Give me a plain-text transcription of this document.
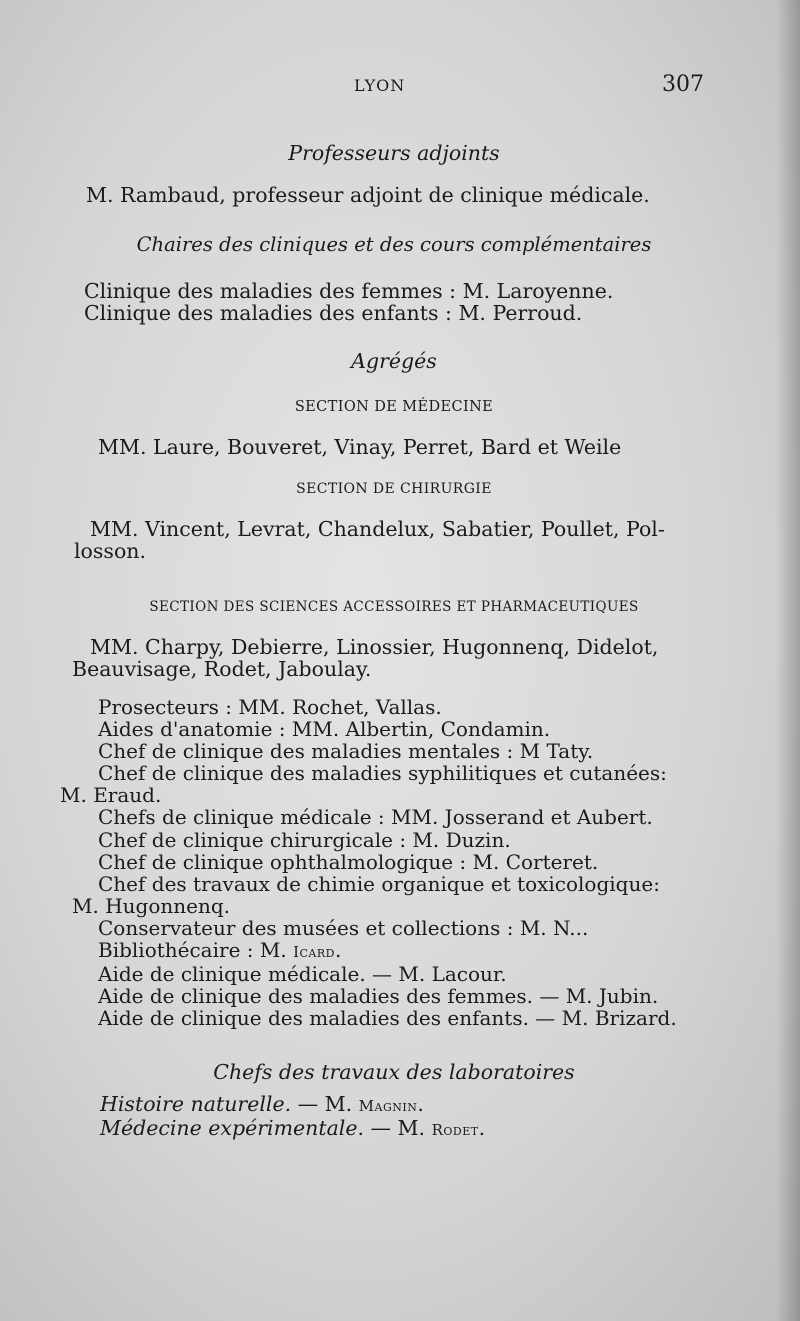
LYON	307

Professeurs adjoints

M. Rambaud, professeur adjoint de clinique médicale.

Chaires des cliniques et des cours complémentaires

Clinique des maladies des femmes : M. Laroyenne.
Clinique des maladies des enfants : M. Perroud.

Agrégés

SECTION DE MÉDECINE

MM. Laure, Bouveret, Vinay, Perret, Bard et Weile

SECTION DE CHIRURGIE

MM. Vincent, Levrat, Chandelux, Sabatier, Poullet, Pol-
losson.

SECTION DES SCIENCES ACCESSOIRES ET PHARMACEUTIQUES

MM. Charpy, Debierre, Linossier, Hugonnenq, Didelot,
Beauvisage, Rodet, Jaboulay.
Prosecteurs : MM. Rochet, Vallas.
Aides d'anatomie : MM. Albertin, Condamin.
Chef de clinique des maladies mentales : M Taty.
Chef de clinique des maladies syphilitiques et cutanées:
M. Eraud.
Chefs de clinique médicale : MM. Josserand et Aubert.
Chef de clinique chirurgicale : M. Duzin.
Chef de clinique ophthalmologique : M. Corteret.
Chef des travaux de chimie organique et toxicologique:
M. Hugonnenq.
Conservateur des musées et collections : M. N...
Bibliothécaire : M. Icard.
Aide de clinique médicale. — M. Lacour.
Aide de clinique des maladies des femmes. — M. Jubin.
Aide de clinique des maladies des enfants. — M. Brizard.

Chefs des travaux des laboratoires

Histoire naturelle. — M. Magnin.
Médecine expérimentale. — M. Rodet.
